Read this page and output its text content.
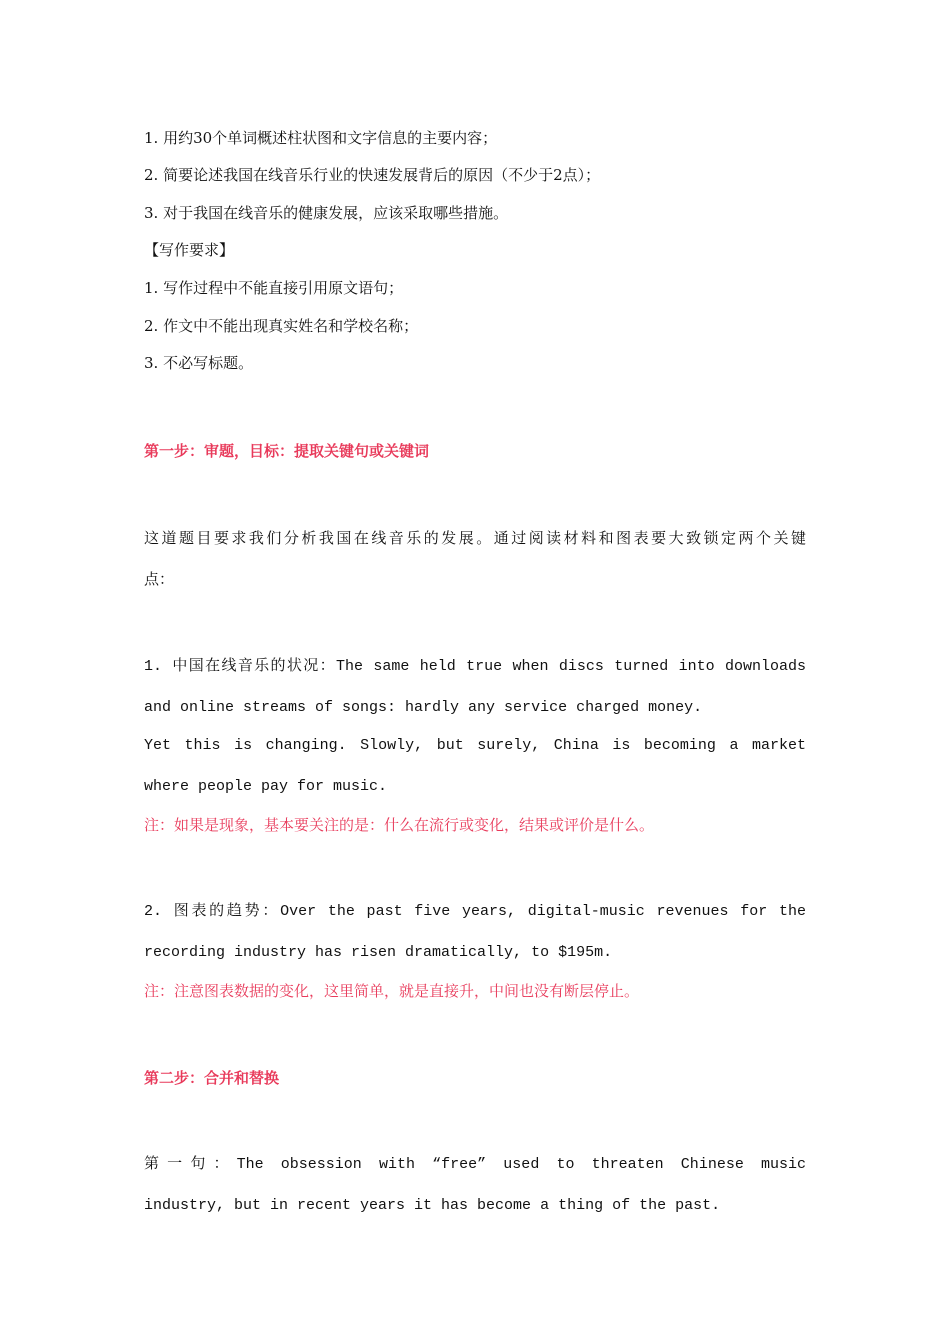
1. 用约30个单词概述柱状图和文字信息的主要内容；

2. 简要论述我国在线音乐行业的快速发展背后的原因（不少于2点）；

3. 对于我国在线音乐的健康发展，应该采取哪些措施。

【写作要求】

1. 写作过程中不能直接引用原文语句；

2. 作文中不能出现真实姓名和学校名称；

3. 不必写标题。

第一步：审题，目标：提取关键句或关键词

这道题目要求我们分析我国在线音乐的发展。通过阅读材料和图表要大致锁定两个关键

点：

1. 中国在线音乐的状况：The same held true when discs turned into downloads

and online streams of songs: hardly any service charged money.

Yet this is changing. Slowly, but surely, China is becoming a market

where people pay for music.

注：如果是现象，基本要关注的是：什么在流行或变化，结果或评价是什么。

2. 图表的趋势：Over the past five years, digital-music revenues for the

recording industry has risen dramatically, to $195m.

注：注意图表数据的变化，这里简单，就是直接升，中间也没有断层停止。

第二步：合并和替换

第一句：The obsession with “free” used to threaten Chinese music

industry, but in recent years it has become a thing of the past.
